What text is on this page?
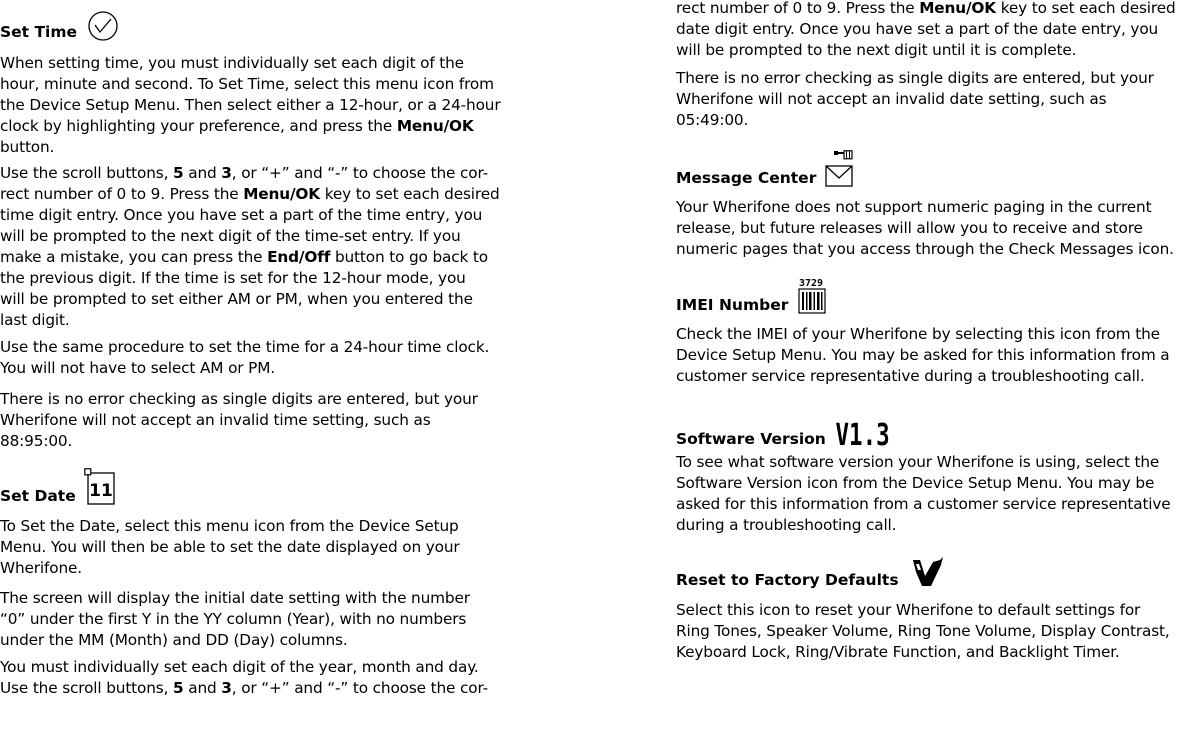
Set Time

When setting time, you must individually set each digit of the
hour, minute and second. To Set Time, select this menu icon from
the Device Setup Menu. Then select either a 12-hour, or a 24-hour
clock by highlighting your preference, and press the Menu/OK
button.

Use the scroll buttons, 5 and 3, or “+” and “-” to choose the cor-
rect number of 0 to 9. Press the Menu/OK key to set each desired
time digit entry. Once you have set a part of the time entry, you
will be prompted to the next digit of the time-set entry. If you
make a mistake, you can press the End/Off button to go back to
the previous digit. If the time is set for the 12-hour mode, you
will be prompted to set either AM or PM, when you entered the
last digit.

Use the same procedure to set the time for a 24-hour time clock.
You will not have to select AM or PM.

There is no error checking as single digits are entered, but your
Wherifone will not accept an invalid time setting, such as
88:95:00.

Set Date 11

To Set the Date, select this menu icon from the Device Setup
Menu. You will then be able to set the date displayed on your
Wherifone.

The screen will display the initial date setting with the number
“0” under the first Y in the YY column (Year), with no numbers
under the MM (Month) and DD (Day) columns.

You must individually set each digit of the year, month and day.
Use the scroll buttons, 5 and 3, or “+” and “-” to choose the cor-

rect number of 0 to 9. Press the Menu/OK key to set each desired
date digit entry. Once you have set a part of the date entry, you
will be prompted to the next digit until it is complete.

There is no error checking as single digits are entered, but your
Wherifone will not accept an invalid date setting, such as
05:49:00.

Message Center

Your Wherifone does not support numeric paging in the current
release, but future releases will allow you to receive and store
numeric pages that you access through the Check Messages icon.

IMEI Number
3729

Check the IMEI of your Wherifone by selecting this icon from the
Device Setup Menu. You may be asked for this information from a
customer service representative during a troubleshooting call.

Software Version V1.3

To see what software version your Wherifone is using, select the
Software Version icon from the Device Setup Menu. You may be
asked for this information from a customer service representative
during a troubleshooting call.

Reset to Factory Defaults

Select this icon to reset your Wherifone to default settings for
Ring Tones, Speaker Volume, Ring Tone Volume, Display Contrast,
Keyboard Lock, Ring/Vibrate Function, and Backlight Timer.
